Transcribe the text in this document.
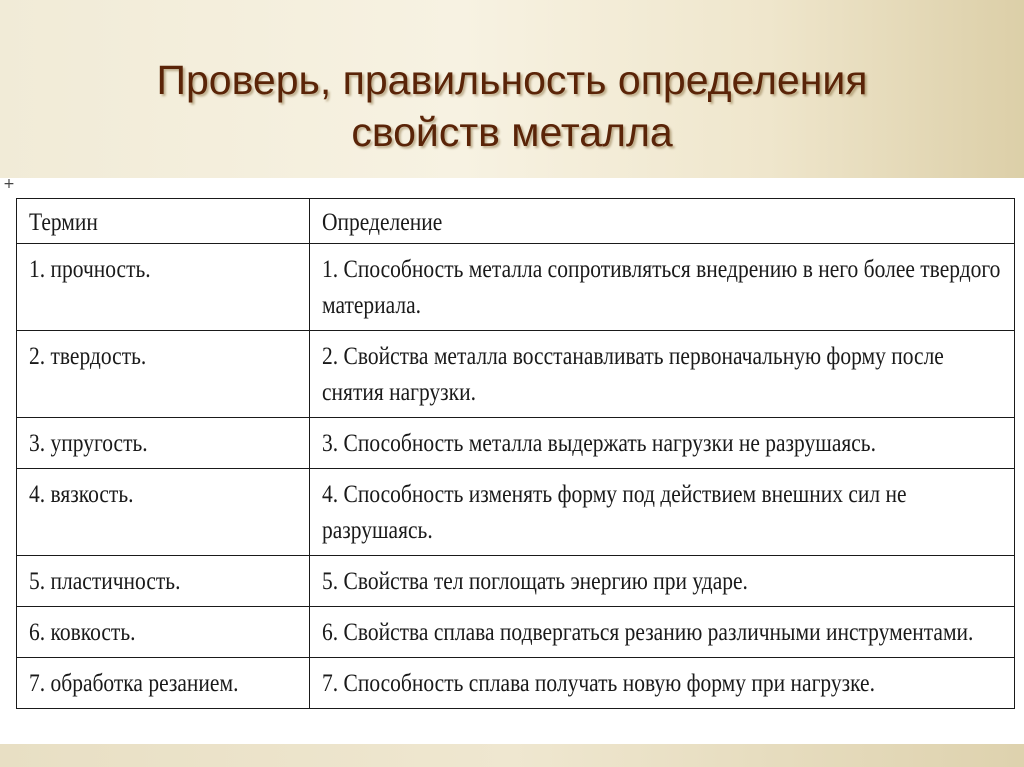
Проверь, правильность определения
свойств металла
+
Термин	Определение
1. прочность.	1. Способность металла сопротивляться внедрению в него более твердого материала.

2. твердость.	2. Свойства металла восстанавливать первоначальную форму после снятия нагрузки.

3. упругость.	3. Способность металла выдержать нагрузки не разрушаясь.

4. вязкость.	4. Способность изменять форму под действием внешних сил не разрушаясь.

5. пластичность.	5. Свойства тел поглощать энергию при ударе.

6. ковкость.	6. Свойства сплава подвергаться резанию различными инструментами.

7. обработка резанием.	7. Способность сплава получать новую форму при нагрузке.
